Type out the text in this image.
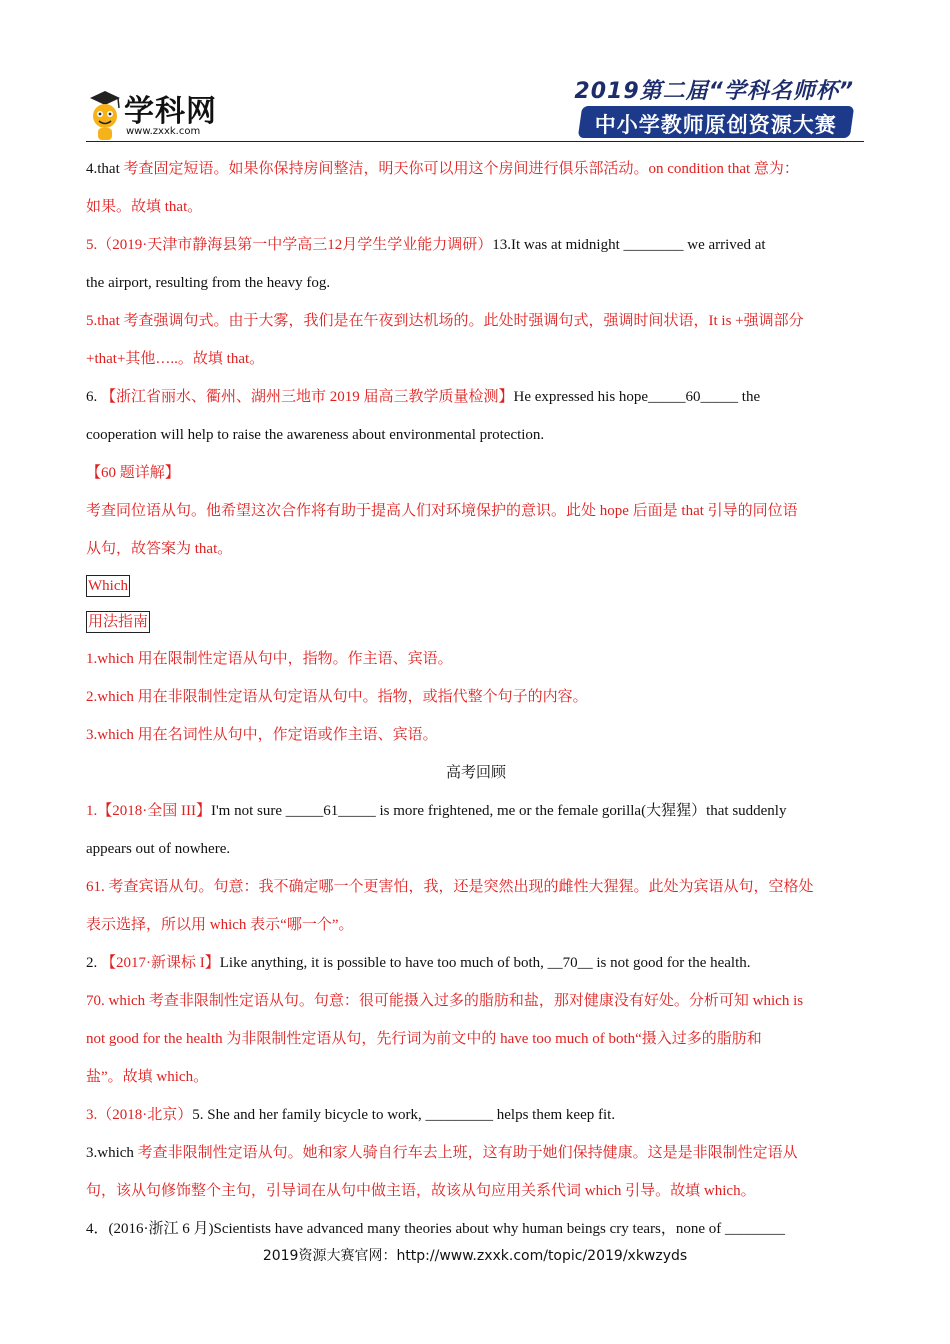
学科网
www.zxxk.com
2019第二届“学科名师杯”
中小学教师原创资源大赛

4.that 考查固定短语。如果你保持房间整洁，明天你可以用这个房间进行俱乐部活动。on condition that 意为：

如果。故填 that。

5.（2019·天津市静海县第一中学高三12月学生学业能力调研）13.It was at midnight ________ we arrived at

the airport, resulting from the heavy fog.

5.that 考查强调句式。由于大雾，我们是在午夜到达机场的。此处时强调句式，强调时间状语，It is +强调部分

+that+其他…..。故填 that。

6. 【浙江省丽水、衢州、湖州三地市 2019 届高三教学质量检测】He expressed his hope_____60_____ the

cooperation will help to raise the awareness about environmental protection.

【60 题详解】

考查同位语从句。他希望这次合作将有助于提高人们对环境保护的意识。此处 hope 后面是 that 引导的同位语

从句，故答案为 that。

Which

用法指南

1.which 用在限制性定语从句中，指物。作主语、宾语。

2.which 用在非限制性定语从句定语从句中。指物，或指代整个句子的内容。

3.which 用在名词性从句中，作定语或作主语、宾语。

高考回顾

1.【2018·全国 III】I'm not sure _____61_____ is more frightened, me or the female gorilla(大猩猩）that suddenly

appears out of nowhere.

61. 考查宾语从句。句意：我不确定哪一个更害怕，我，还是突然出现的雌性大猩猩。此处为宾语从句，空格处

表示选择，所以用 which 表示“哪一个”。

2. 【2017·新课标 I】Like anything, it is possible to have too much of both, __70__ is not good for the health.

70. which 考查非限制性定语从句。句意：很可能摄入过多的脂肪和盐，那对健康没有好处。分析可知 which is

not good for the health 为非限制性定语从句，先行词为前文中的 have too much of both“摄入过多的脂肪和

盐”。故填 which。

3.（2018·北京）5. She and her family bicycle to work, _________ helps them keep fit.

3.which 考查非限制性定语从句。她和家人骑自行车去上班，这有助于她们保持健康。这是是非限制性定语从

句，该从句修饰整个主句，引导词在从句中做主语，故该从句应用关系代词 which 引导。故填 which。

4．(2016·浙江 6 月)Scientists have advanced many theories about why human beings cry tears，none of ________

2019资源大赛官网：http://www.zxxk.com/topic/2019/xkwzyds
